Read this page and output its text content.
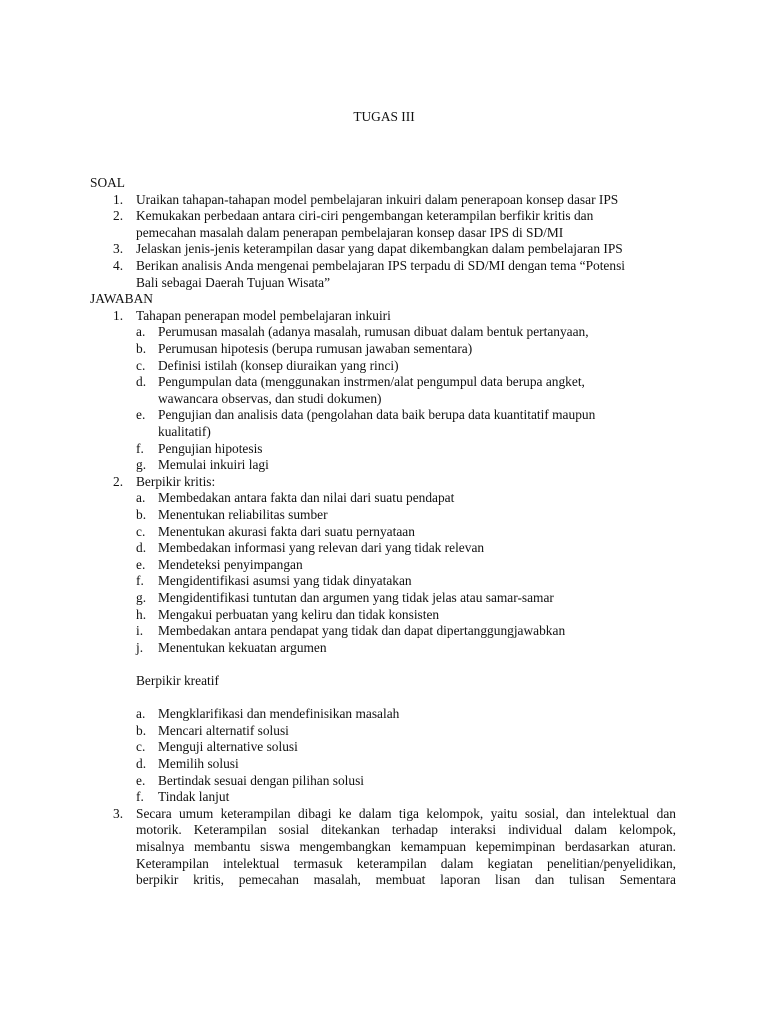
TUGAS III
SOAL
1. Uraikan tahapan-tahapan model pembelajaran inkuiri dalam penerapoan konsep dasar IPS
2. Kemukakan perbedaan antara ciri-ciri pengembangan keterampilan berfikir kritis dan
pemecahan masalah dalam penerapan pembelajaran konsep dasar IPS di SD/MI
3. Jelaskan jenis-jenis keterampilan dasar yang dapat dikembangkan dalam pembelajaran IPS
4. Berikan analisis Anda mengenai pembelajaran IPS terpadu di SD/MI dengan tema “Potensi
Bali sebagai Daerah Tujuan Wisata”
JAWABAN
1. Tahapan penerapan model pembelajaran inkuiri
a. Perumusan masalah (adanya masalah, rumusan dibuat dalam bentuk pertanyaan,
b. Perumusan hipotesis (berupa rumusan jawaban sementara)
c. Definisi istilah (konsep diuraikan yang rinci)
d. Pengumpulan data (menggunakan instrmen/alat pengumpul data berupa angket,
wawancara observas, dan studi dokumen)
e. Pengujian dan analisis data (pengolahan data baik berupa data kuantitatif maupun
kualitatif)
f. Pengujian hipotesis
g. Memulai inkuiri lagi
2. Berpikir kritis:
a. Membedakan antara fakta dan nilai dari suatu pendapat
b. Menentukan reliabilitas sumber
c. Menentukan akurasi fakta dari suatu pernyataan
d. Membedakan informasi yang relevan dari yang tidak relevan
e. Mendeteksi penyimpangan
f. Mengidentifikasi asumsi yang tidak dinyatakan
g. Mengidentifikasi tuntutan dan argumen yang tidak jelas atau samar-samar
h. Mengakui perbuatan yang keliru dan tidak konsisten
i. Membedakan antara pendapat yang tidak dan dapat dipertanggungjawabkan
j. Menentukan kekuatan argumen
Berpikir kreatif
a. Mengklarifikasi dan mendefinisikan masalah
b. Mencari alternatif solusi
c. Menguji alternative solusi
d. Memilih solusi
e. Bertindak sesuai dengan pilihan solusi
f. Tindak lanjut
3. Secara umum keterampilan dibagi ke dalam tiga kelompok, yaitu sosial, dan intelektual dan
motorik. Keterampilan sosial ditekankan terhadap interaksi individual dalam kelompok,
misalnya membantu siswa mengembangkan kemampuan kepemimpinan berdasarkan aturan.
Keterampilan intelektual termasuk keterampilan dalam kegiatan penelitian/penyelidikan,
berpikir kritis, pemecahan masalah, membuat laporan lisan dan tulisan Sementara
